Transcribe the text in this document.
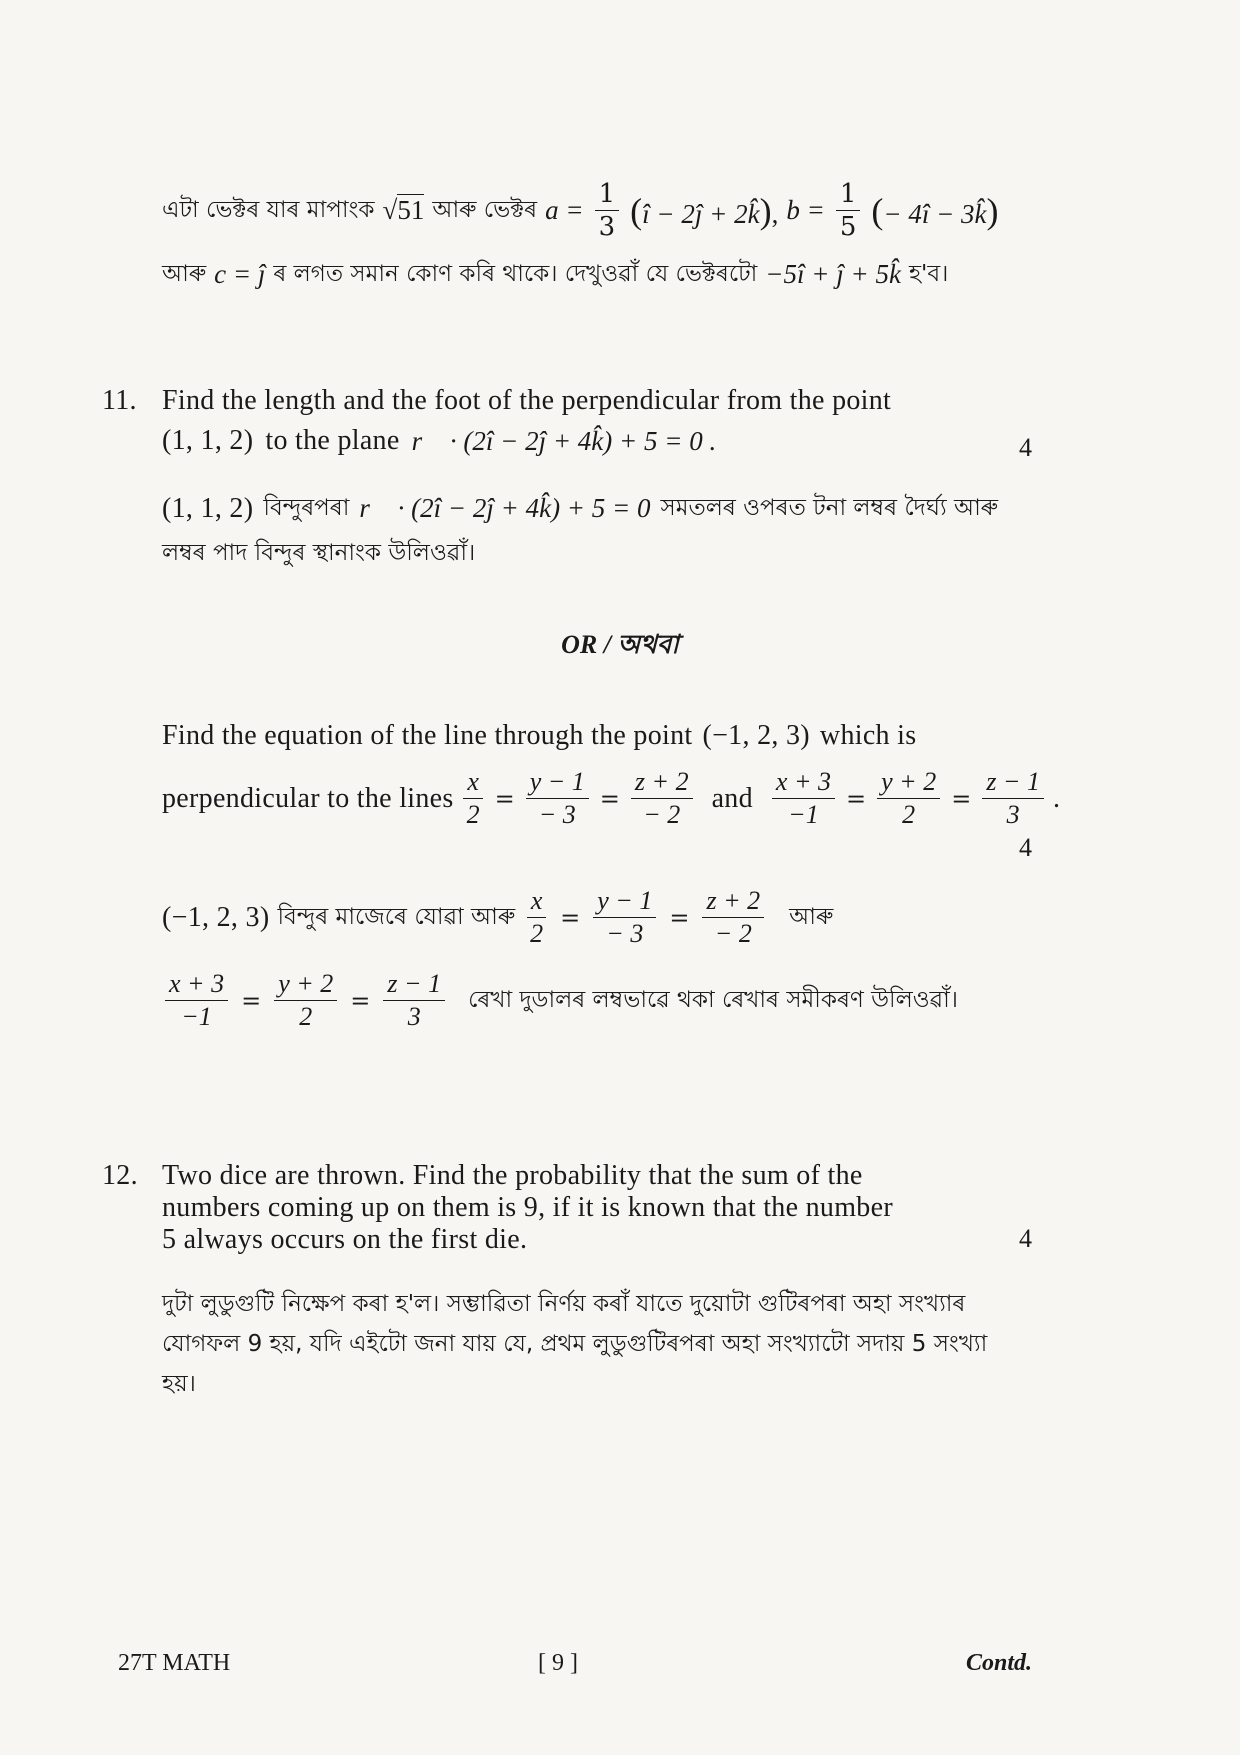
এটা ভেক্টৰ যাৰ মাপাংক √51 আৰু ভেক্টৰ $a = \frac{1}{3}$ (î − 2ĵ + 2k̂), $b = \frac{1}{5}$ (− 4î − 3k̂)
আৰু c = ĵ ৰ লগত সমান কোণ কৰি থাকে। দেখুওৱাঁ যে ভেক্টৰটো −5î + ĵ + 5k̂ হ'ব।
11. Find the length and the foot of the perpendicular from the point
(1, 1, 2) to the plane r⃗ · (2î − 2ĵ + 4k̂) + 5 = 0 .	4
(1, 1, 2) বিন্দুৰপৰা r⃗ · (2î − 2ĵ + 4k̂) + 5 = 0 সমতলৰ ওপৰত টনা লম্বৰ দৈৰ্ঘ্য আৰু
লম্বৰ পাদ বিন্দুৰ স্থানাংক উলিওৱাঁ।
OR / অথবা
Find the equation of the line through the point (−1, 2, 3) which is
perpendicular to the lines $\frac{x}{2} = \frac{y - 1}{- 3} = \frac{z + 2}{- 2}$ and $\frac{x + 3}{-1} = \frac{y + 2}{2} = \frac{z - 1}{3}$ .
4
(−1, 2, 3) বিন্দুৰ মাজেৰে যোৱা আৰু $\frac{x}{2} = \frac{y - 1}{- 3} = \frac{z + 2}{- 2}$ আৰু
$\frac{x + 3}{-1} = \frac{y + 2}{2} = \frac{z - 1}{3}$ ৰেখা দুডালৰ লম্বভাৱে থকা ৰেখাৰ সমীকৰণ উলিওৱাঁ।
12. Two dice are thrown. Find the probability that the sum of the
numbers coming up on them is 9, if it is known that the number
5 always occurs on the first die.	4
দুটা লুডুগুটি নিক্ষেপ কৰা হ'ল। সম্ভাৱিতা নিৰ্ণয় কৰাঁ যাতে দুয়োটা গুটিৰপৰা অহা সংখ্যাৰ
যোগফল 9 হয়, যদি এইটো জনা যায় যে, প্ৰথম লুডুগুটিৰপৰা অহা সংখ্যাটো সদায় 5 সংখ্যা
হয়।
27T MATH	[ 9 ]	Contd.
